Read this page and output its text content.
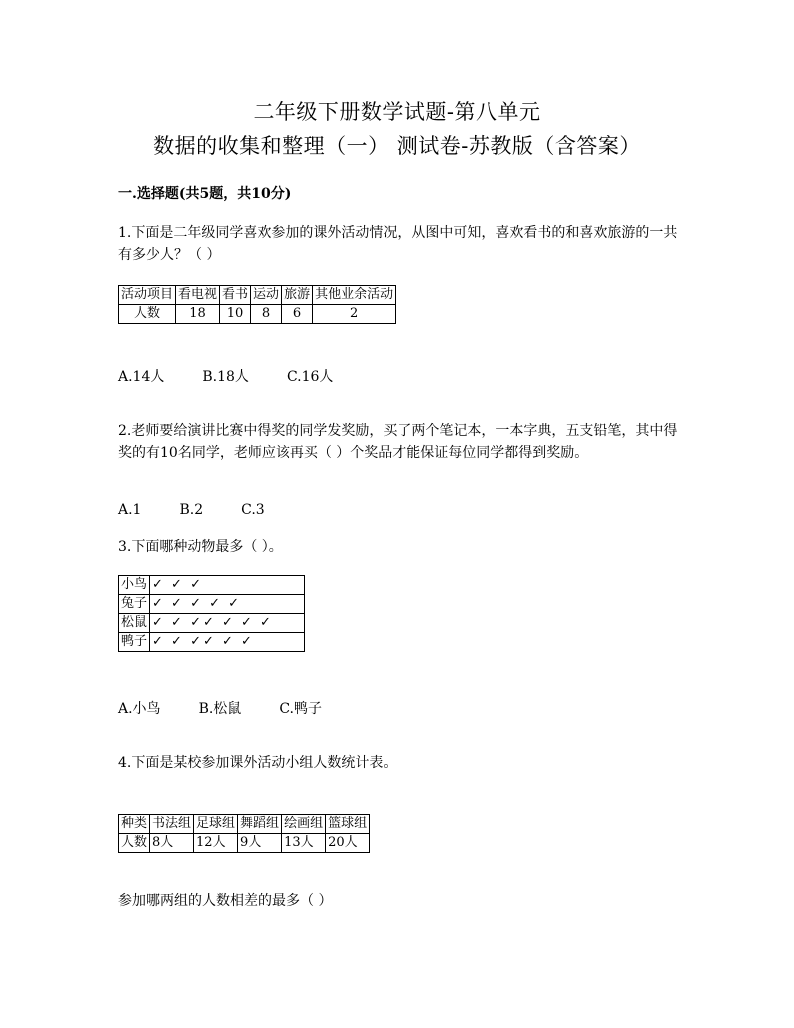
二年级下册数学试题-第八单元
数据的收集和整理（一） 测试卷-苏教版（含答案）
一.选择题(共5题，共10分)
1.下面是二年级同学喜欢参加的课外活动情况，从图中可知，喜欢看书的和喜欢旅游的一共有多少人？（ ）
活动项目	看电视	看书	运动	旅游	其他业余活动
人数	18	10	8	6	2
A.14人	B.18人	C.16人
2.老师要给演讲比赛中得奖的同学发奖励，买了两个笔记本，一本字典，五支铅笔，其中得奖的有10名同学，老师应该再买（ ）个奖品才能保证每位同学都得到奖励。
A.1	B.2	C.3
3.下面哪种动物最多（ ）。
小鸟	✓ ✓ ✓
兔子	✓ ✓ ✓ ✓ ✓
松鼠	✓ ✓ ✓✓ ✓ ✓ ✓
鸭子	✓ ✓ ✓✓ ✓ ✓
A.小鸟	B.松鼠	C.鸭子
4.下面是某校参加课外活动小组人数统计表。
种类	书法组	足球组	舞蹈组	绘画组	篮球组
人数	8人	12人	9人	13人	20人
参加哪两组的人数相差的最多（ ）
